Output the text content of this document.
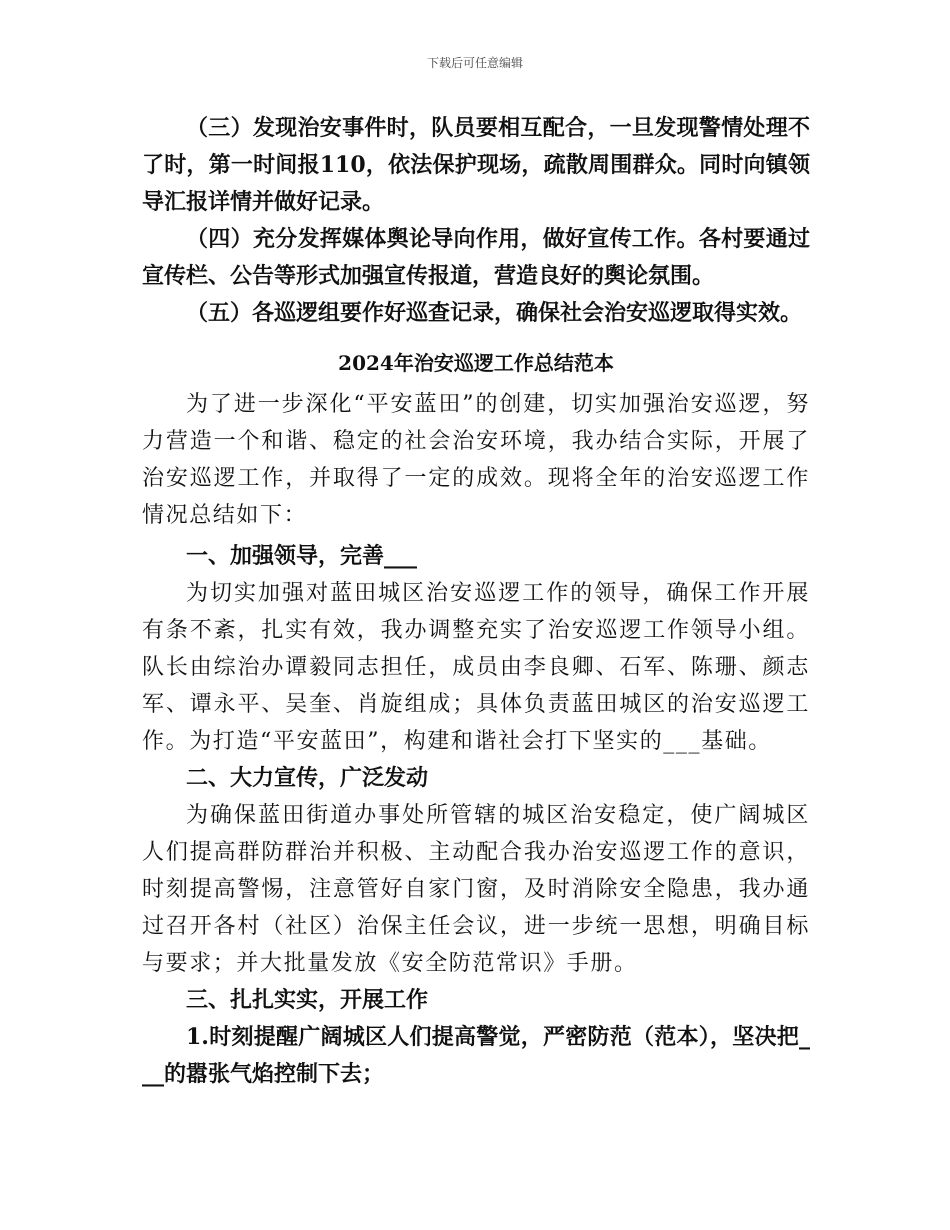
下载后可任意编辑

（三）发现治安事件时，队员要相互配合，一旦发现警情处理不了时，第一时间报110，依法保护现场，疏散周围群众。同时向镇领导汇报详情并做好记录。

（四）充分发挥媒体舆论导向作用，做好宣传工作。各村要通过宣传栏、公告等形式加强宣传报道，营造良好的舆论氛围。

（五）各巡逻组要作好巡查记录，确保社会治安巡逻取得实效。

2024年治安巡逻工作总结范本

为了进一步深化“平安蓝田”的创建，切实加强治安巡逻，努力营造一个和谐、稳定的社会治安环境，我办结合实际，开展了治安巡逻工作，并取得了一定的成效。现将全年的治安巡逻工作情况总结如下：

一、加强领导，完善___

为切实加强对蓝田城区治安巡逻工作的领导，确保工作开展有条不紊，扎实有效，我办调整充实了治安巡逻工作领导小组。队长由综治办谭毅同志担任，成员由李良卿、石军、陈珊、颜志军、谭永平、吴奎、肖旋组成；具体负责蓝田城区的治安巡逻工作。为打造“平安蓝田”，构建和谐社会打下坚实的___基础。

二、大力宣传，广泛发动

为确保蓝田街道办事处所管辖的城区治安稳定，使广阔城区人们提高群防群治并积极、主动配合我办治安巡逻工作的意识，时刻提高警惕，注意管好自家门窗，及时消除安全隐患，我办通过召开各村（社区）治保主任会议，进一步统一思想，明确目标与要求；并大批量发放《安全防范常识》手册。

三、扎扎实实，开展工作

1.时刻提醒广阔城区人们提高警觉，严密防范（范本），坚决把___的嚣张气焰控制下去；
